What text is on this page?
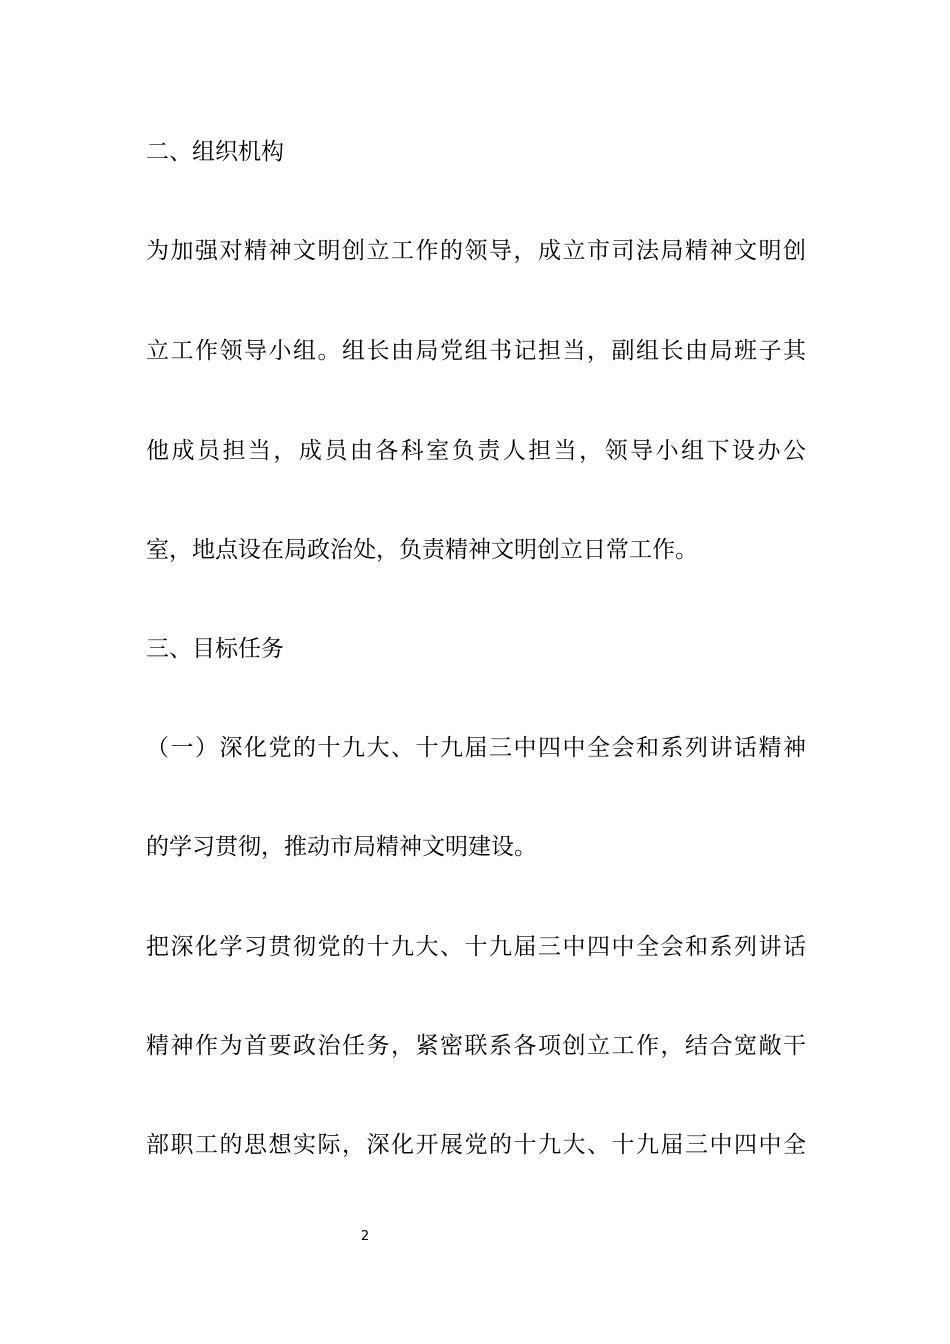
二、组织机构
为加强对精神文明创立工作的领导，成立市司法局精神文明创
立工作领导小组。组长由局党组书记担当，副组长由局班子其
他成员担当，成员由各科室负责人担当，领导小组下设办公
室，地点设在局政治处，负责精神文明创立日常工作。
三、目标任务
（一）深化党的十九大、十九届三中四中全会和系列讲话精神
的学习贯彻，推动市局精神文明建设。
把深化学习贯彻党的十九大、十九届三中四中全会和系列讲话
精神作为首要政治任务，紧密联系各项创立工作，结合宽敞干
部职工的思想实际，深化开展党的十九大、十九届三中四中全
2
